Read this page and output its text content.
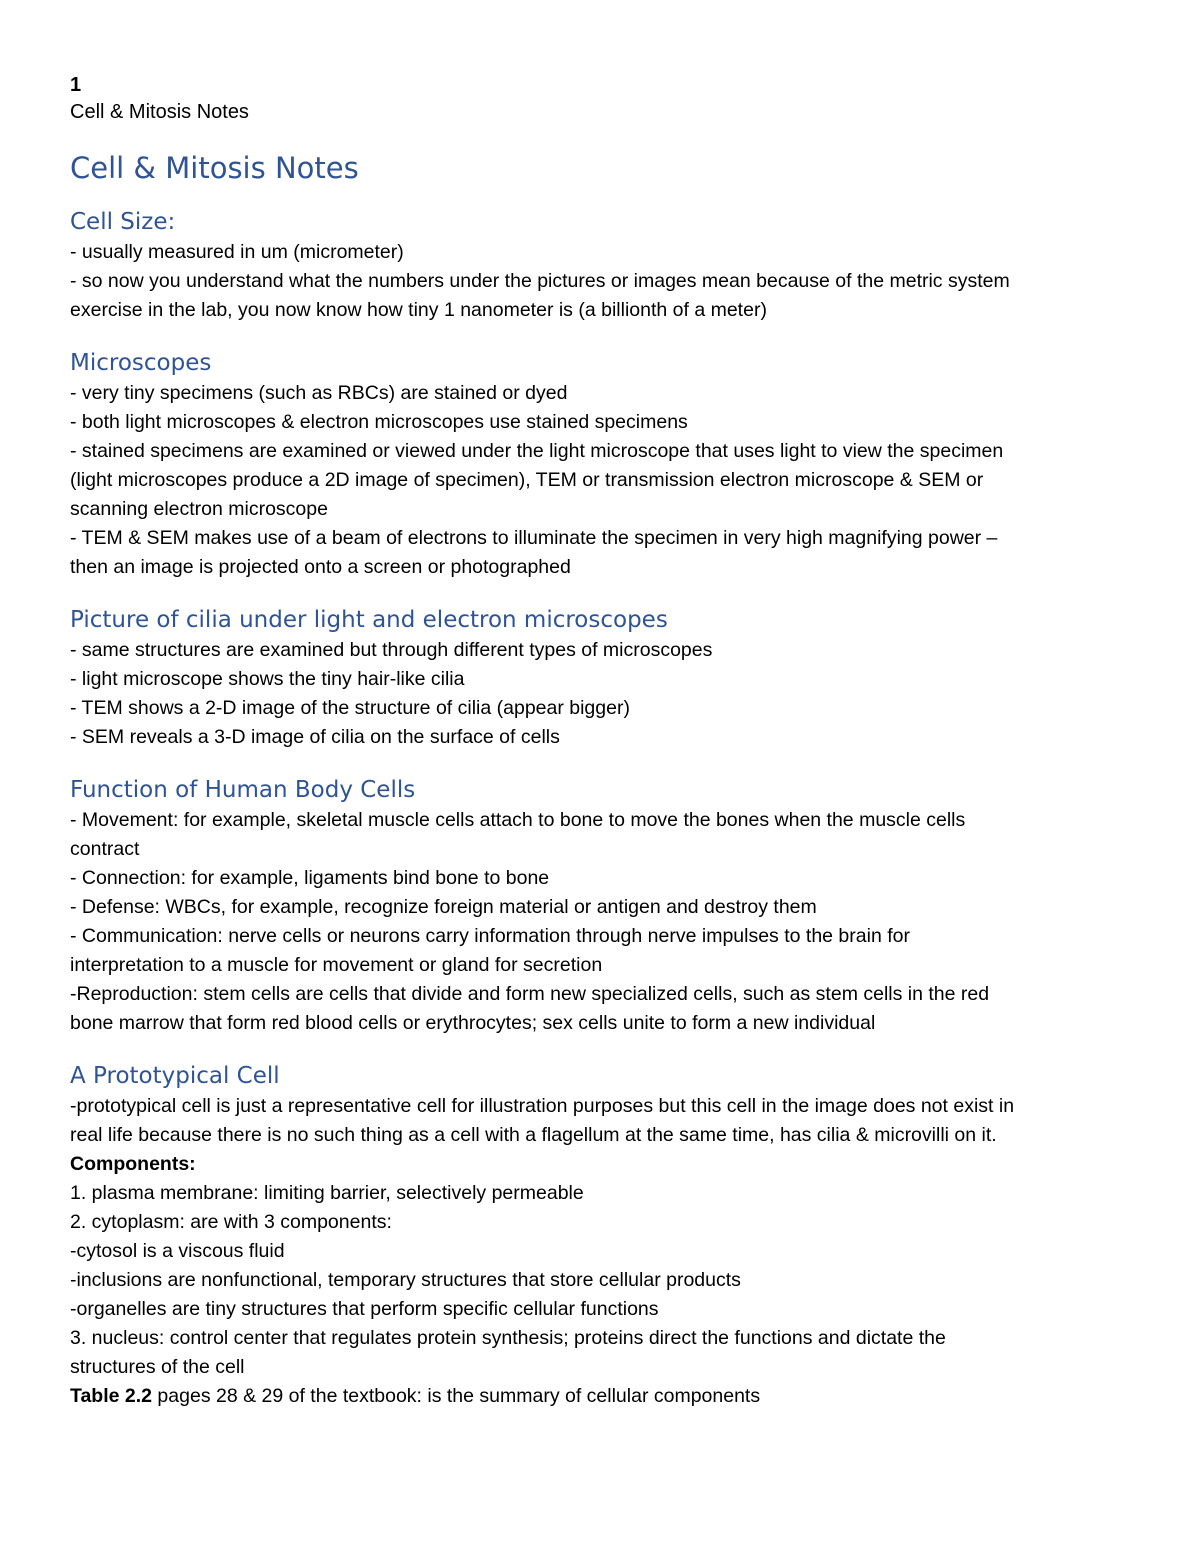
1

Cell & Mitosis Notes

Cell & Mitosis Notes
Cell Size:

- usually measured in um (micrometer)

- so now you understand what the numbers under the pictures or images mean because of the metric system

exercise in the lab, you now know how tiny 1 nanometer is (a billionth of a meter)

Microscopes

- very tiny specimens (such as RBCs) are stained or dyed

- both light microscopes & electron microscopes use stained specimens

- stained specimens are examined or viewed under the light microscope that uses light to view the specimen

(light microscopes produce a 2D image of specimen), TEM or transmission electron microscope & SEM or

scanning electron microscope

- TEM & SEM makes use of a beam of electrons to illuminate the specimen in very high magnifying power –

then an image is projected onto a screen or photographed

Picture of cilia under light and electron microscopes

- same structures are examined but through different types of microscopes

- light microscope shows the tiny hair-like cilia

- TEM shows a 2-D image of the structure of cilia (appear bigger)

- SEM reveals a 3-D image of cilia on the surface of cells

Function of Human Body Cells

- Movement: for example, skeletal muscle cells attach to bone to move the bones when the muscle cells

contract

- Connection: for example, ligaments bind bone to bone

- Defense: WBCs, for example, recognize foreign material or antigen and destroy them

- Communication: nerve cells or neurons carry information through nerve impulses to the brain for

interpretation to a muscle for movement or gland for secretion

-Reproduction: stem cells are cells that divide and form new specialized cells, such as stem cells in the red

bone marrow that form red blood cells or erythrocytes; sex cells unite to form a new individual

A Prototypical Cell

-prototypical cell is just a representative cell for illustration purposes but this cell in the image does not exist in

real life because there is no such thing as a cell with a flagellum at the same time, has cilia & microvilli on it.

Components:

1. plasma membrane: limiting barrier, selectively permeable

2. cytoplasm: are with 3 components:

-cytosol is a viscous fluid

-inclusions are nonfunctional, temporary structures that store cellular products

-organelles are tiny structures that perform specific cellular functions

3. nucleus: control center that regulates protein synthesis; proteins direct the functions and dictate the

structures of the cell

Table 2.2 pages 28 & 29 of the textbook: is the summary of cellular components
